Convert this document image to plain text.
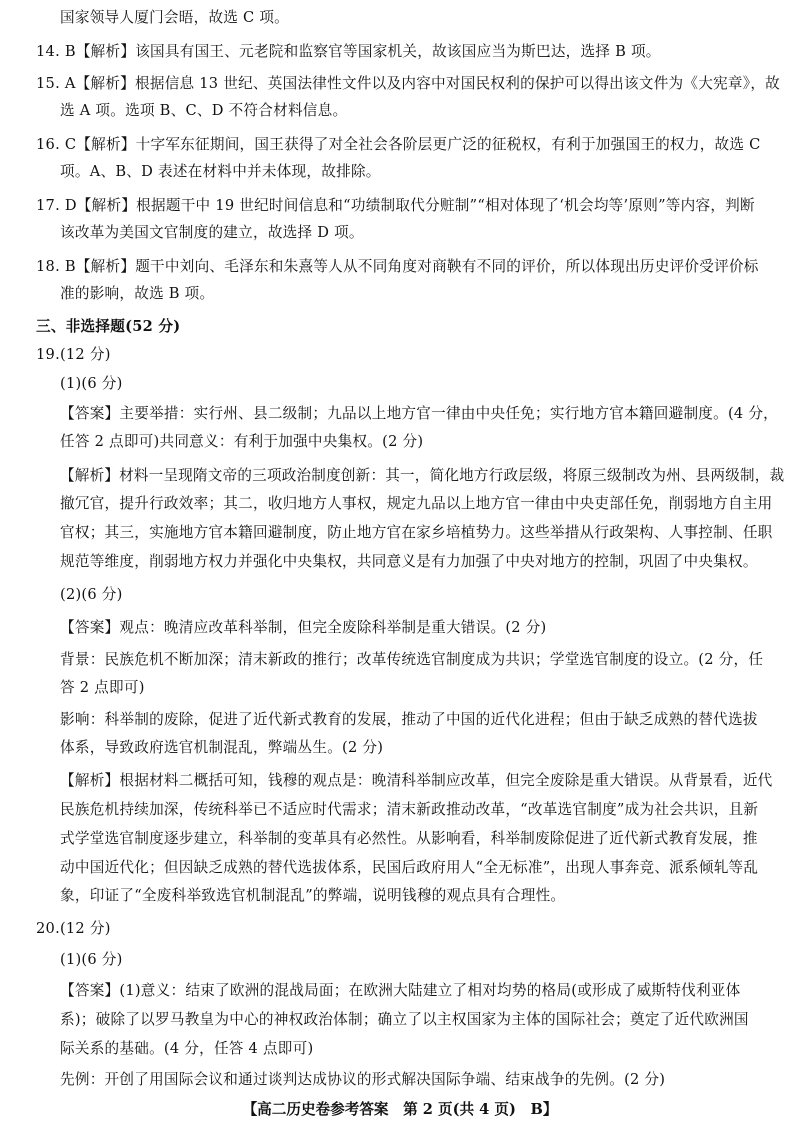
国家领导人厦门会晤，故选 C 项。
14. B【解析】该国具有国王、元老院和监察官等国家机关，故该国应当为斯巴达，选择 B 项。
15. A【解析】根据信息 13 世纪、英国法律性文件以及内容中对国民权利的保护可以得出该文件为《大宪章》，故
选 A 项。选项 B、C、D 不符合材料信息。
16. C【解析】十字军东征期间，国王获得了对全社会各阶层更广泛的征税权，有利于加强国王的权力，故选 C
项。A、B、D 表述在材料中并未体现，故排除。
17. D【解析】根据题干中 19 世纪时间信息和“功绩制取代分赃制”“相对体现了‘机会均等’原则”等内容，判断
该改革为美国文官制度的建立，故选择 D 项。
18. B【解析】题干中刘向、毛泽东和朱熹等人从不同角度对商鞅有不同的评价，所以体现出历史评价受评价标
准的影响，故选 B 项。
三、非选择题(52 分)
19.(12 分)
(1)(6 分)
【答案】主要举措：实行州、县二级制；九品以上地方官一律由中央任免；实行地方官本籍回避制度。(4 分，
任答 2 点即可)共同意义：有利于加强中央集权。(2 分)
【解析】材料一呈现隋文帝的三项政治制度创新：其一，简化地方行政层级，将原三级制改为州、县两级制，裁
撤冗官，提升行政效率；其二，收归地方人事权，规定九品以上地方官一律由中央吏部任免，削弱地方自主用
官权；其三，实施地方官本籍回避制度，防止地方官在家乡培植势力。这些举措从行政架构、人事控制、任职
规范等维度，削弱地方权力并强化中央集权，共同意义是有力加强了中央对地方的控制，巩固了中央集权。
(2)(6 分)
【答案】观点：晚清应改革科举制，但完全废除科举制是重大错误。(2 分)
背景：民族危机不断加深；清末新政的推行；改革传统选官制度成为共识；学堂选官制度的设立。(2 分，任
答 2 点即可)
影响：科举制的废除，促进了近代新式教育的发展，推动了中国的近代化进程；但由于缺乏成熟的替代选拔
体系，导致政府选官机制混乱，弊端丛生。(2 分)
【解析】根据材料二概括可知，钱穆的观点是：晚清科举制应改革，但完全废除是重大错误。从背景看，近代
民族危机持续加深，传统科举已不适应时代需求；清末新政推动改革，“改革选官制度”成为社会共识，且新
式学堂选官制度逐步建立，科举制的变革具有必然性。从影响看，科举制废除促进了近代新式教育发展，推
动中国近代化；但因缺乏成熟的替代选拔体系，民国后政府用人“全无标准”，出现人事奔竞、派系倾轧等乱
象，印证了“全废科举致选官机制混乱”的弊端，说明钱穆的观点具有合理性。
20.(12 分)
(1)(6 分)
【答案】(1)意义：结束了欧洲的混战局面；在欧洲大陆建立了相对均势的格局(或形成了威斯特伐利亚体
系)；破除了以罗马教皇为中心的神权政治体制；确立了以主权国家为主体的国际社会；奠定了近代欧洲国
际关系的基础。(4 分，任答 4 点即可)
先例：开创了用国际会议和通过谈判达成协议的形式解决国际争端、结束战争的先例。(2 分)
【高二历史卷参考答案　第 2 页(共 4 页)　B】
